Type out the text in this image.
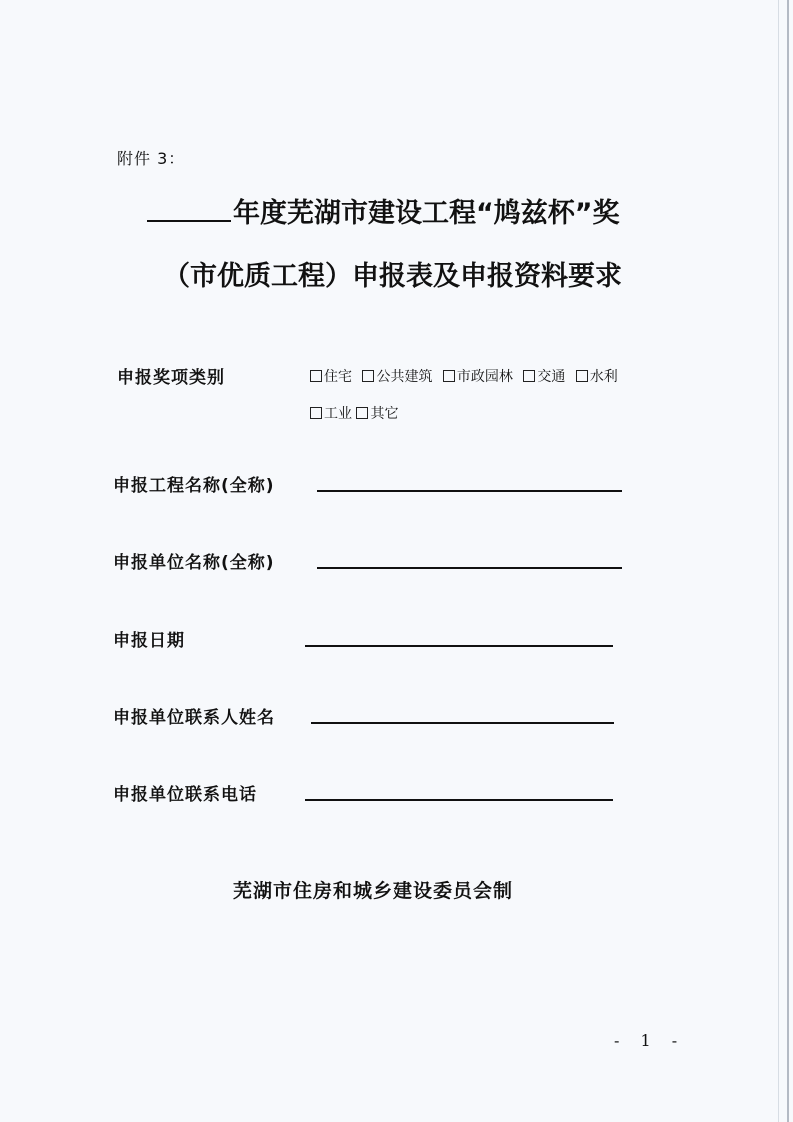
附件 3：
年度芜湖市建设工程“鸠兹杯”奖
（市优质工程）申报表及申报资料要求
申报奖项类别	住宅 公共建筑 市政园林 交通 水利
工业 其它
申报工程名称(全称)
申报单位名称(全称)
申报日期
申报单位联系人姓名
申报单位联系电话
芜湖市住房和城乡建设委员会制
- 1 -
